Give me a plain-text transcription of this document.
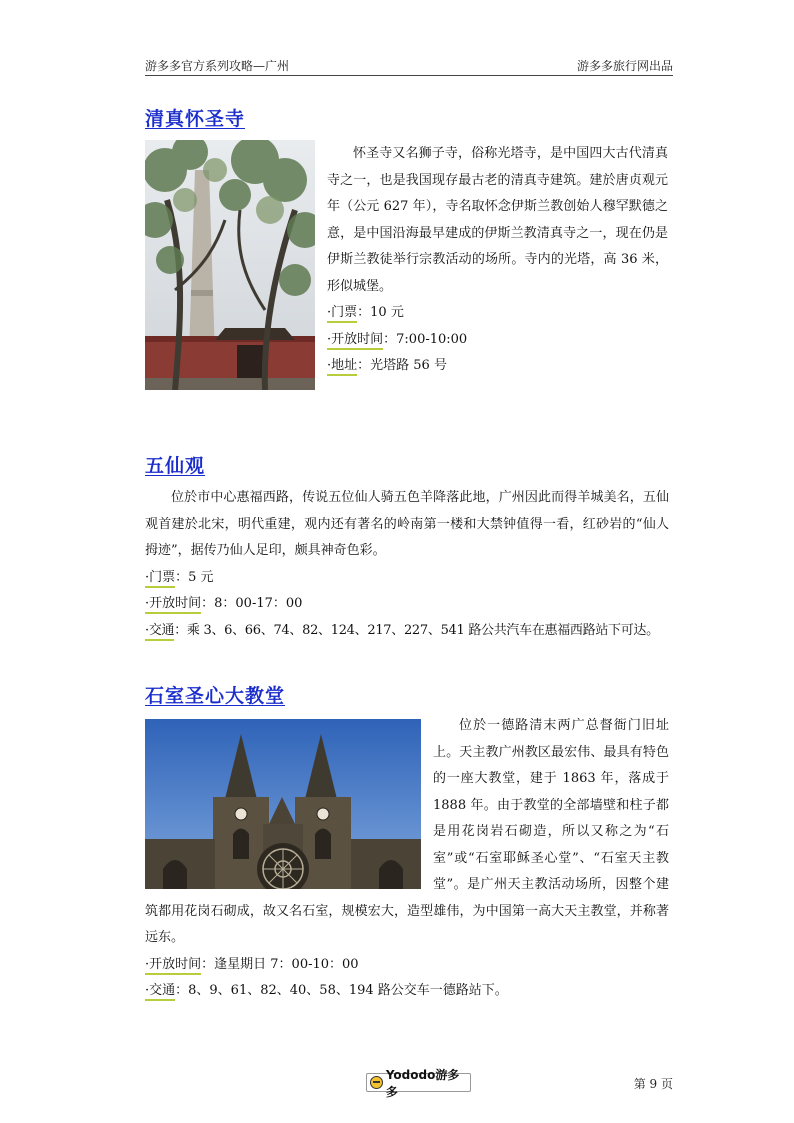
游多多官方系列攻略—广州	游多多旅行网出品
清真怀圣寺

怀圣寺又名狮子寺，俗称光塔寺，是中国四大古代清真寺之一，也是我国现存最古老的清真寺建筑。建於唐贞观元年（公元 627 年），寺名取怀念伊斯兰教创始人穆罕默德之意，是中国沿海最早建成的伊斯兰教清真寺之一，现在仍是伊斯兰教徒举行宗教活动的场所。寺内的光塔，高 36 米，形似城堡。

·门票：10 元

·开放时间：7:00-10:00

·地址：光塔路 56 号

五仙观

位於市中心惠福西路，传说五位仙人骑五色羊降落此地，广州因此而得羊城美名，五仙观首建於北宋，明代重建，观内还有著名的岭南第一楼和大禁钟值得一看，红砂岩的“仙人拇迹”，据传乃仙人足印，颇具神奇色彩。

·门票：5 元

·开放时间：8：00-17：00

·交通：乘 3、6、66、74、82、124、217、227、541 路公共汽车在惠福西路站下可达。

石室圣心大教堂

位於一德路清末两广总督衙门旧址上。天主教广州教区最宏伟、最具有特色的一座大教堂，建于 1863 年，落成于 1888 年。由于教堂的全部墙壁和柱子都是用花岗岩石砌造，所以又称之为“石室”或“石室耶稣圣心堂”、“石室天主教堂”。是广州天主教活动场所，因整个建筑都用花岗石砌成，故又名石室，规模宏大，造型雄伟，为中国第一高大天主教堂，并称著远东。

·开放时间：逢星期日 7：00-10：00

·交通：8、9、61、82、40、58、194 路公交车一德路站下。

Yododo游多多
第 9 页
